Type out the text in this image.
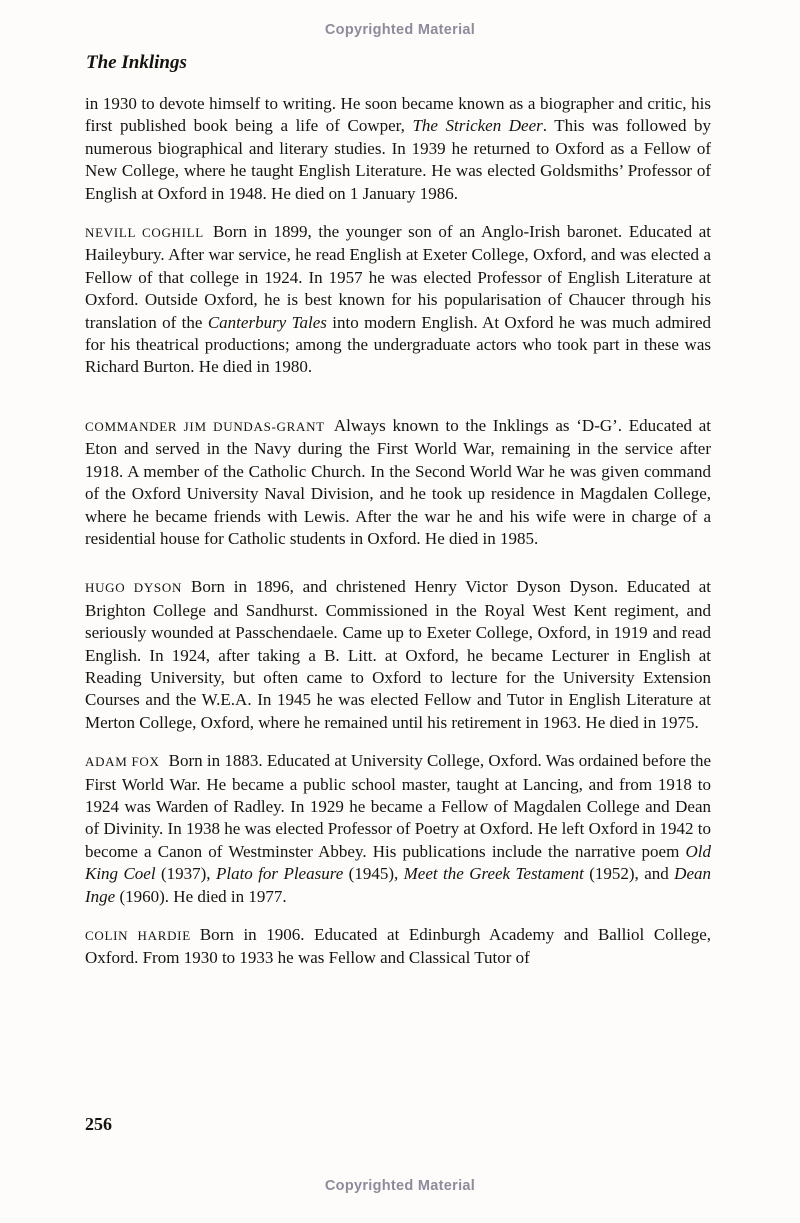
Copyrighted Material
The Inklings

in 1930 to devote himself to writing. He soon became known as a biographer and critic, his first published book being a life of Cowper, The Stricken Deer. This was followed by numerous biographical and literary studies. In 1939 he returned to Oxford as a Fellow of New College, where he taught English Literature. He was elected Goldsmiths’ Professor of English at Oxford in 1948. He died on 1 January 1986.

NEVILL COGHILL Born in 1899, the younger son of an Anglo-Irish baronet. Educated at Haileybury. After war service, he read English at Exeter College, Oxford, and was elected a Fellow of that college in 1924. In 1957 he was elected Professor of English Literature at Oxford. Outside Oxford, he is best known for his popularisation of Chaucer through his translation of the Canterbury Tales into modern English. At Oxford he was much admired for his theatrical productions; among the undergraduate actors who took part in these was Richard Burton. He died in 1980.

COMMANDER JIM DUNDAS-GRANT Always known to the Inklings as ‘D-G’. Educated at Eton and served in the Navy during the First World War, remaining in the service after 1918. A member of the Catholic Church. In the Second World War he was given command of the Oxford University Naval Division, and he took up residence in Magdalen College, where he became friends with Lewis. After the war he and his wife were in charge of a residential house for Catholic students in Oxford. He died in 1985.

HUGO DYSON Born in 1896, and christened Henry Victor Dyson Dyson. Educated at Brighton College and Sandhurst. Commissioned in the Royal West Kent regiment, and seriously wounded at Passchendaele. Came up to Exeter College, Oxford, in 1919 and read English. In 1924, after taking a B. Litt. at Oxford, he became Lecturer in English at Reading University, but often came to Oxford to lecture for the University Extension Courses and the W.E.A. In 1945 he was elected Fellow and Tutor in English Literature at Merton College, Oxford, where he remained until his retirement in 1963. He died in 1975.

ADAM FOX Born in 1883. Educated at University College, Oxford. Was ordained before the First World War. He became a public school master, taught at Lancing, and from 1918 to 1924 was Warden of Radley. In 1929 he became a Fellow of Magdalen College and Dean of Divinity. In 1938 he was elected Professor of Poetry at Oxford. He left Oxford in 1942 to become a Canon of Westminster Abbey. His publications include the narrative poem Old King Coel (1937), Plato for Pleasure (1945), Meet the Greek Testament (1952), and Dean Inge (1960). He died in 1977.

COLIN HARDIE Born in 1906. Educated at Edinburgh Academy and Balliol College, Oxford. From 1930 to 1933 he was Fellow and Classical Tutor of

256
Copyrighted Material
